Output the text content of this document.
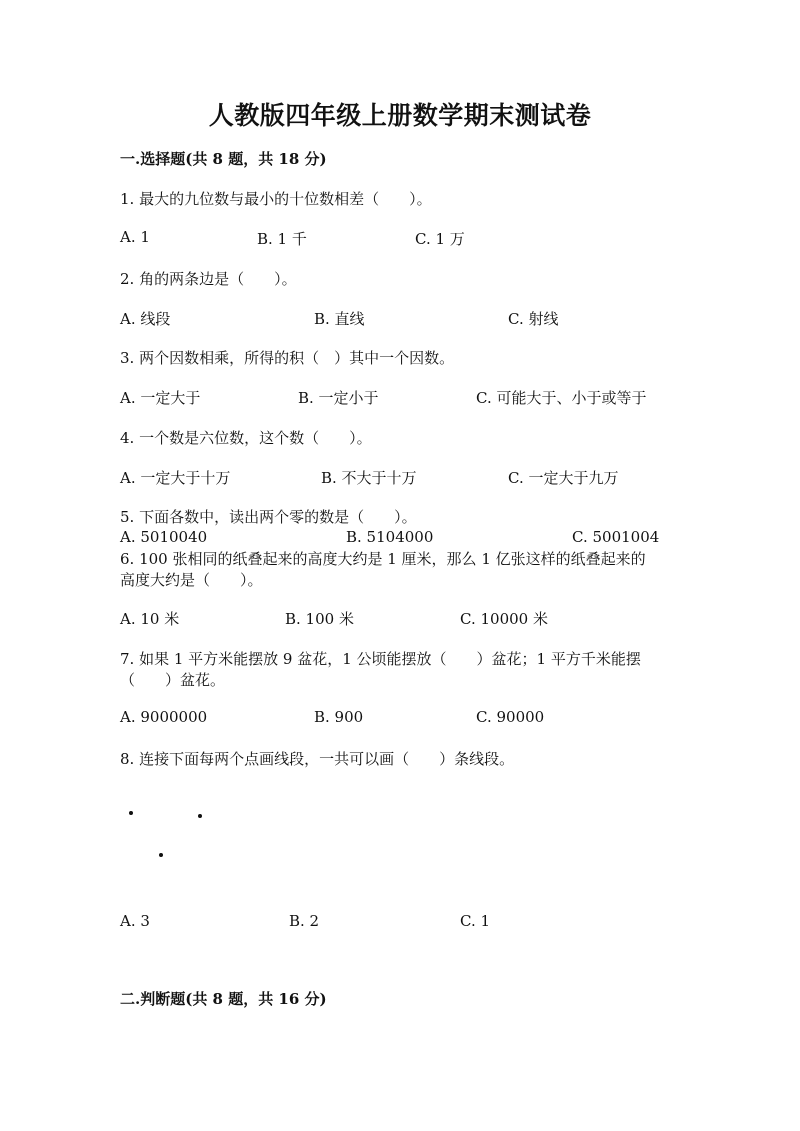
人教版四年级上册数学期末测试卷
一.选择题(共 8 题，共 18 分)
1. 最大的九位数与最小的十位数相差（　　）。
A. 1	B. 1 千	C. 1 万
2. 角的两条边是（　　）。
A. 线段	B. 直线	C. 射线
3. 两个因数相乘，所得的积（　）其中一个因数。
A. 一定大于	B. 一定小于	C. 可能大于、小于或等于
4. 一个数是六位数，这个数（　　）。
A. 一定大于十万	B. 不大于十万	C. 一定大于九万
5. 下面各数中，读出两个零的数是（　　）。
A. 5010040	B. 5104000	C. 5001004
6. 100 张相同的纸叠起来的高度大约是 1 厘米，那么 1 亿张这样的纸叠起来的
高度大约是（　　）。
A. 10 米	B. 100 米	C. 10000 米
7. 如果 1 平方米能摆放 9 盆花，1 公顷能摆放（　　）盆花；1 平方千米能摆
（　　）盆花。
A. 9000000	B. 900	C. 90000
8. 连接下面每两个点画线段，一共可以画（　　）条线段。
A. 3	B. 2	C. 1
二.判断题(共 8 题，共 16 分)
